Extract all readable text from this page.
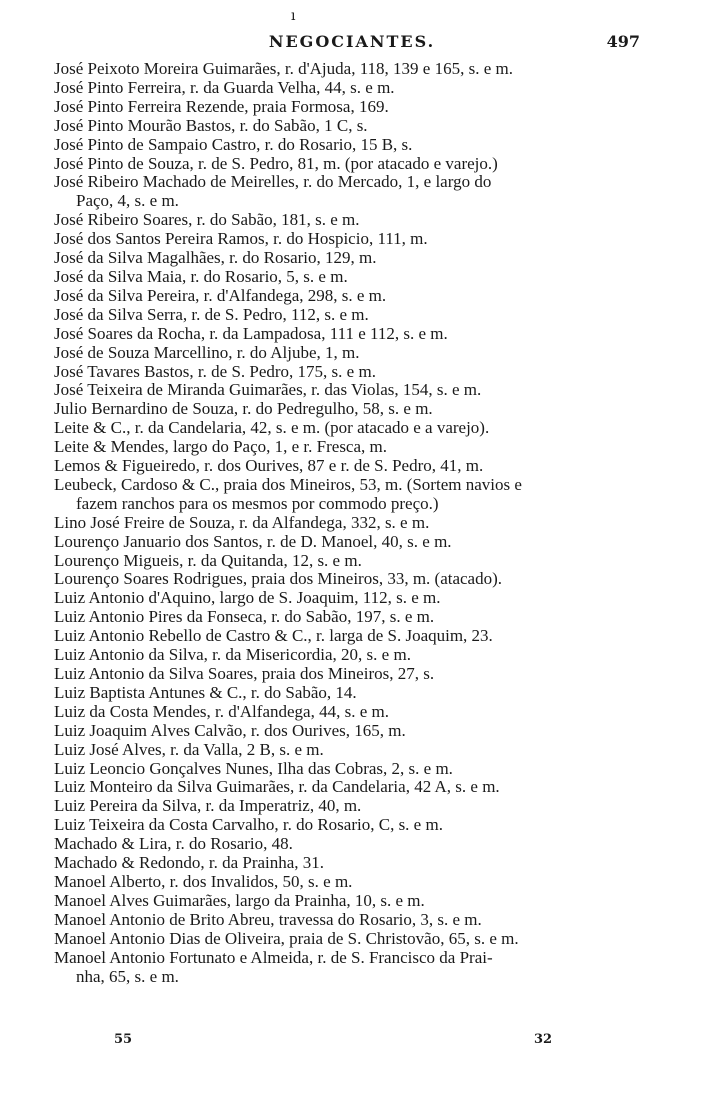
ı
NEGOCIANTES.	497

José Peixoto Moreira Guimarães, r. d'Ajuda, 118, 139 e 165, s. e m.

José Pinto Ferreira, r. da Guarda Velha, 44, s. e m.

José Pinto Ferreira Rezende, praia Formosa, 169.

José Pinto Mourão Bastos, r. do Sabão, 1 C, s.

José Pinto de Sampaio Castro, r. do Rosario, 15 B, s.

José Pinto de Souza, r. de S. Pedro, 81, m. (por atacado e varejo.)

José Ribeiro Machado de Meirelles, r. do Mercado, 1, e largo do
Paço, 4, s. e m.

José Ribeiro Soares, r. do Sabão, 181, s. e m.

José dos Santos Pereira Ramos, r. do Hospicio, 111, m.

José da Silva Magalhães, r. do Rosario, 129, m.

José da Silva Maia, r. do Rosario, 5, s. e m.

José da Silva Pereira, r. d'Alfandega, 298, s. e m.

José da Silva Serra, r. de S. Pedro, 112, s. e m.

José Soares da Rocha, r. da Lampadosa, 111 e 112, s. e m.

José de Souza Marcellino, r. do Aljube, 1, m.

José Tavares Bastos, r. de S. Pedro, 175, s. e m.

José Teixeira de Miranda Guimarães, r. das Violas, 154, s. e m.

Julio Bernardino de Souza, r. do Pedregulho, 58, s. e m.

Leite & C., r. da Candelaria, 42, s. e m. (por atacado e a varejo).

Leite & Mendes, largo do Paço, 1, e r. Fresca, m.

Lemos & Figueiredo, r. dos Ourives, 87 e r. de S. Pedro, 41, m.

Leubeck, Cardoso & C., praia dos Mineiros, 53, m. (Sortem navios e
fazem ranchos para os mesmos por commodo preço.)

Lino José Freire de Souza, r. da Alfandega, 332, s. e m.

Lourenço Januario dos Santos, r. de D. Manoel, 40, s. e m.

Lourenço Migueis, r. da Quitanda, 12, s. e m.

Lourenço Soares Rodrigues, praia dos Mineiros, 33, m. (atacado).

Luiz Antonio d'Aquino, largo de S. Joaquim, 112, s. e m.

Luiz Antonio Pires da Fonseca, r. do Sabão, 197, s. e m.

Luiz Antonio Rebello de Castro & C., r. larga de S. Joaquim, 23.

Luiz Antonio da Silva, r. da Misericordia, 20, s. e m.

Luiz Antonio da Silva Soares, praia dos Mineiros, 27, s.

Luiz Baptista Antunes & C., r. do Sabão, 14.

Luiz da Costa Mendes, r. d'Alfandega, 44, s. e m.

Luiz Joaquim Alves Calvão, r. dos Ourives, 165, m.

Luiz José Alves, r. da Valla, 2 B, s. e m.

Luiz Leoncio Gonçalves Nunes, Ilha das Cobras, 2, s. e m.

Luiz Monteiro da Silva Guimarães, r. da Candelaria, 42 A, s. e m.

Luiz Pereira da Silva, r. da Imperatriz, 40, m.

Luiz Teixeira da Costa Carvalho, r. do Rosario, C, s. e m.

Machado & Lira, r. do Rosario, 48.

Machado & Redondo, r. da Prainha, 31.

Manoel Alberto, r. dos Invalidos, 50, s. e m.

Manoel Alves Guimarães, largo da Prainha, 10, s. e m.

Manoel Antonio de Brito Abreu, travessa do Rosario, 3, s. e m.

Manoel Antonio Dias de Oliveira, praia de S. Christovão, 65, s. e m.

Manoel Antonio Fortunato e Almeida, r. de S. Francisco da Prai-
nha, 65, s. e m.

55	32
